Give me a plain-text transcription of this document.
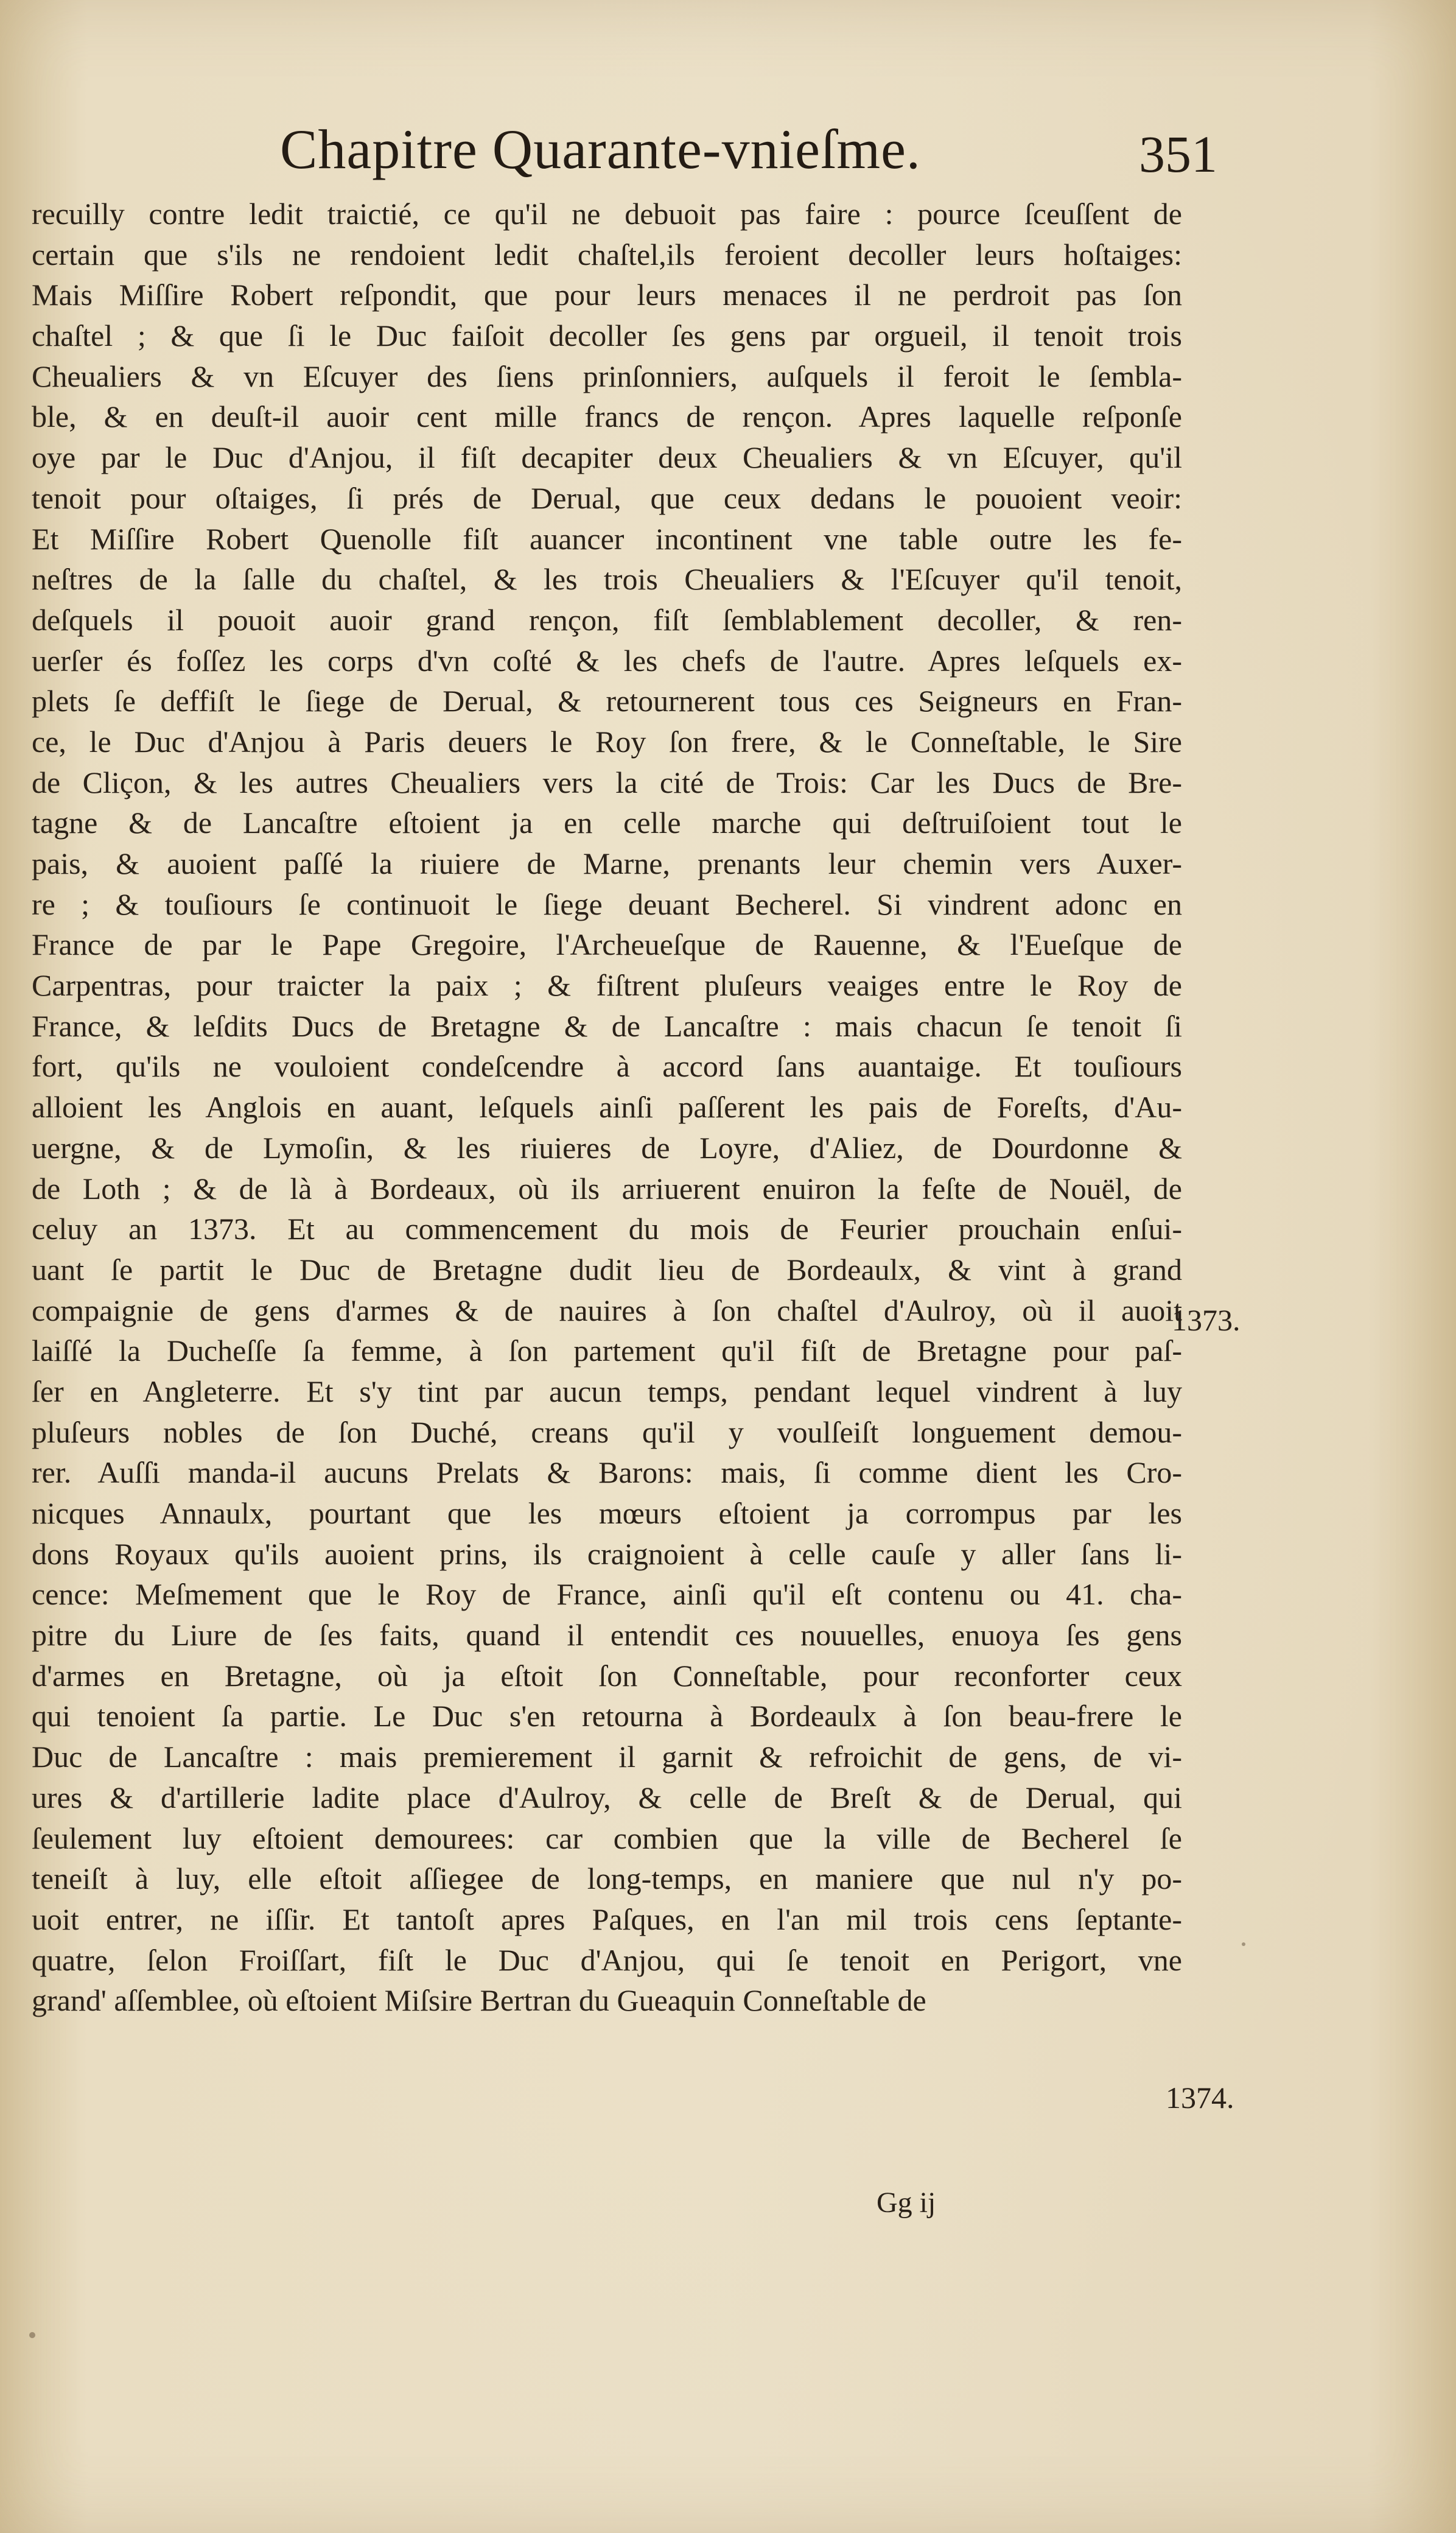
Chapitre Quarante-vnieſme.	351
recuilly contre ledit traictié, ce qu'il ne debuoit pas faire : pource ſceuſſent de
certain que s'ils ne rendoient ledit chaſtel,ils feroient decoller leurs hoſtaiges:
Mais Miſſire Robert reſpondit, que pour leurs menaces il ne perdroit pas ſon
chaſtel ; & que ſi le Duc faiſoit decoller ſes gens par orgueil, il tenoit trois
Cheualiers & vn Eſcuyer des ſiens prinſonniers, auſquels il feroit le ſembla-
ble, & en deuſt-il auoir cent mille francs de rençon. Apres laquelle reſponſe
oye par le Duc d'Anjou, il fiſt decapiter deux Cheualiers & vn Eſcuyer, qu'il
tenoit pour oſtaiges, ſi prés de Derual, que ceux dedans le pouoient veoir:
Et Miſſire Robert Quenolle fiſt auancer incontinent vne table outre les fe-
neſtres de la ſalle du chaſtel, & les trois Cheualiers & l'Eſcuyer qu'il tenoit,
deſquels il pouoit auoir grand rençon, fiſt ſemblablement decoller, & ren-
uerſer és foſſez les corps d'vn coſté & les chefs de l'autre. Apres leſquels ex-
plets ſe deffiſt le ſiege de Derual, & retournerent tous ces Seigneurs en Fran-
ce, le Duc d'Anjou à Paris deuers le Roy ſon frere, & le Conneſtable, le Sire
de Cliçon, & les autres Cheualiers vers la cité de Trois: Car les Ducs de Bre-
tagne & de Lancaſtre eſtoient ja en celle marche qui deſtruiſoient tout le
pais, & auoient paſſé la riuiere de Marne, prenants leur chemin vers Auxer-
re ; & touſiours ſe continuoit le ſiege deuant Becherel. Si vindrent adonc en
France de par le Pape Gregoire, l'Archeueſque de Rauenne, & l'Eueſque de
Carpentras, pour traicter la paix ; & fiſtrent pluſeurs veaiges entre le Roy de
France, & leſdits Ducs de Bretagne & de Lancaſtre : mais chacun ſe tenoit ſi
fort, qu'ils ne vouloient condeſcendre à accord ſans auantaige. Et touſiours
alloient les Anglois en auant, leſquels ainſi paſſerent les pais de Foreſts, d'Au-
uergne, & de Lymoſin, & les riuieres de Loyre, d'Aliez, de Dourdonne &
de Loth ; & de là à Bordeaux, où ils arriuerent enuiron la feſte de Nouël, de
celuy an 1373. Et au commencement du mois de Feurier prouchain enſui-
uant ſe partit le Duc de Bretagne dudit lieu de Bordeaulx, & vint à grand
compaignie de gens d'armes & de nauires à ſon chaſtel d'Aulroy, où il auoit
laiſſé la Ducheſſe ſa femme, à ſon partement qu'il fiſt de Bretagne pour paſ-
ſer en Angleterre. Et s'y tint par aucun temps, pendant lequel vindrent à luy
pluſeurs nobles de ſon Duché, creans qu'il y voulſeiſt longuement demou-
rer. Auſſi manda-il aucuns Prelats & Barons: mais, ſi comme dient les Cro-
nicques Annaulx, pourtant que les mœurs eſtoient ja corrompus par les
dons Royaux qu'ils auoient prins, ils craignoient à celle cauſe y aller ſans li-
cence: Meſmement que le Roy de France, ainſi qu'il eſt contenu ou 41. cha-
pitre du Liure de ſes faits, quand il entendit ces nouuelles, enuoya ſes gens
d'armes en Bretagne, où ja eſtoit ſon Conneſtable, pour reconforter ceux
qui tenoient ſa partie. Le Duc s'en retourna à Bordeaulx à ſon beau-frere le
Duc de Lancaſtre : mais premierement il garnit & refroichit de gens, de vi-
ures & d'artillerie ladite place d'Aulroy, & celle de Breſt & de Derual, qui
ſeulement luy eſtoient demourees: car combien que la ville de Becherel ſe
teneiſt à luy, elle eſtoit aſſiegee de long-temps, en maniere que nul n'y po-
uoit entrer, ne iſſir. Et tantoſt apres Paſques, en l'an mil trois cens ſeptante-
quatre, ſelon Froiſſart, fiſt le Duc d'Anjou, qui ſe tenoit en Perigort, vne
grand' aſſemblee, où eſtoient Miſsire Bertran du Gueaquin Conneſtable de
1373.
1374.
Gg ij
